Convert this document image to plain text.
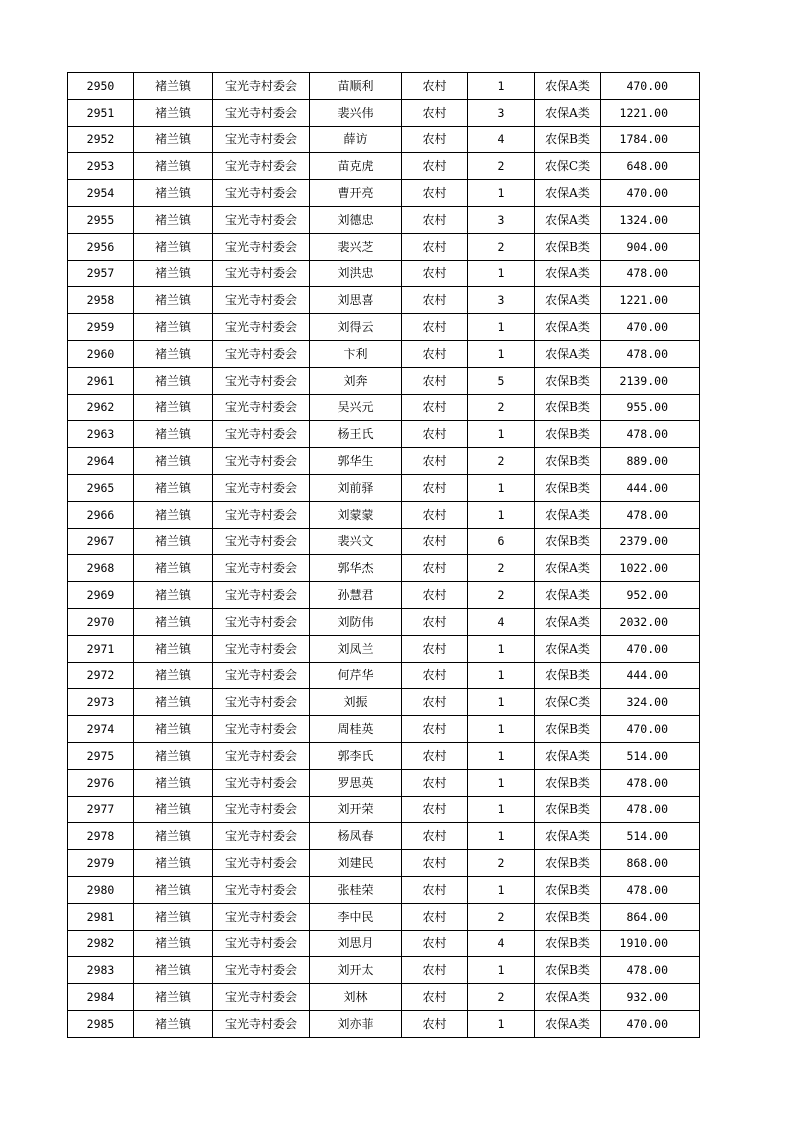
2950	褚兰镇	宝光寺村委会	苗顺利	农村	1	农保A类	470.00
2951	褚兰镇	宝光寺村委会	裴兴伟	农村	3	农保A类	1221.00
2952	褚兰镇	宝光寺村委会	薛访	农村	4	农保B类	1784.00
2953	褚兰镇	宝光寺村委会	苗克虎	农村	2	农保C类	648.00
2954	褚兰镇	宝光寺村委会	曹开亮	农村	1	农保A类	470.00
2955	褚兰镇	宝光寺村委会	刘德忠	农村	3	农保A类	1324.00
2956	褚兰镇	宝光寺村委会	裴兴芝	农村	2	农保B类	904.00
2957	褚兰镇	宝光寺村委会	刘洪忠	农村	1	农保A类	478.00
2958	褚兰镇	宝光寺村委会	刘思喜	农村	3	农保A类	1221.00
2959	褚兰镇	宝光寺村委会	刘得云	农村	1	农保A类	470.00
2960	褚兰镇	宝光寺村委会	卞利	农村	1	农保A类	478.00
2961	褚兰镇	宝光寺村委会	刘奔	农村	5	农保B类	2139.00
2962	褚兰镇	宝光寺村委会	吴兴元	农村	2	农保B类	955.00
2963	褚兰镇	宝光寺村委会	杨王氏	农村	1	农保B类	478.00
2964	褚兰镇	宝光寺村委会	郭华生	农村	2	农保B类	889.00
2965	褚兰镇	宝光寺村委会	刘前驿	农村	1	农保B类	444.00
2966	褚兰镇	宝光寺村委会	刘蒙蒙	农村	1	农保A类	478.00
2967	褚兰镇	宝光寺村委会	裴兴文	农村	6	农保B类	2379.00
2968	褚兰镇	宝光寺村委会	郭华杰	农村	2	农保A类	1022.00
2969	褚兰镇	宝光寺村委会	孙慧君	农村	2	农保A类	952.00
2970	褚兰镇	宝光寺村委会	刘防伟	农村	4	农保A类	2032.00
2971	褚兰镇	宝光寺村委会	刘凤兰	农村	1	农保A类	470.00
2972	褚兰镇	宝光寺村委会	何芹华	农村	1	农保B类	444.00
2973	褚兰镇	宝光寺村委会	刘振	农村	1	农保C类	324.00
2974	褚兰镇	宝光寺村委会	周桂英	农村	1	农保B类	470.00
2975	褚兰镇	宝光寺村委会	郭李氏	农村	1	农保A类	514.00
2976	褚兰镇	宝光寺村委会	罗思英	农村	1	农保B类	478.00
2977	褚兰镇	宝光寺村委会	刘开荣	农村	1	农保B类	478.00
2978	褚兰镇	宝光寺村委会	杨凤春	农村	1	农保A类	514.00
2979	褚兰镇	宝光寺村委会	刘建民	农村	2	农保B类	868.00
2980	褚兰镇	宝光寺村委会	张桂荣	农村	1	农保B类	478.00
2981	褚兰镇	宝光寺村委会	李中民	农村	2	农保B类	864.00
2982	褚兰镇	宝光寺村委会	刘思月	农村	4	农保B类	1910.00
2983	褚兰镇	宝光寺村委会	刘开太	农村	1	农保B类	478.00
2984	褚兰镇	宝光寺村委会	刘林	农村	2	农保A类	932.00
2985	褚兰镇	宝光寺村委会	刘亦菲	农村	1	农保A类	470.00
